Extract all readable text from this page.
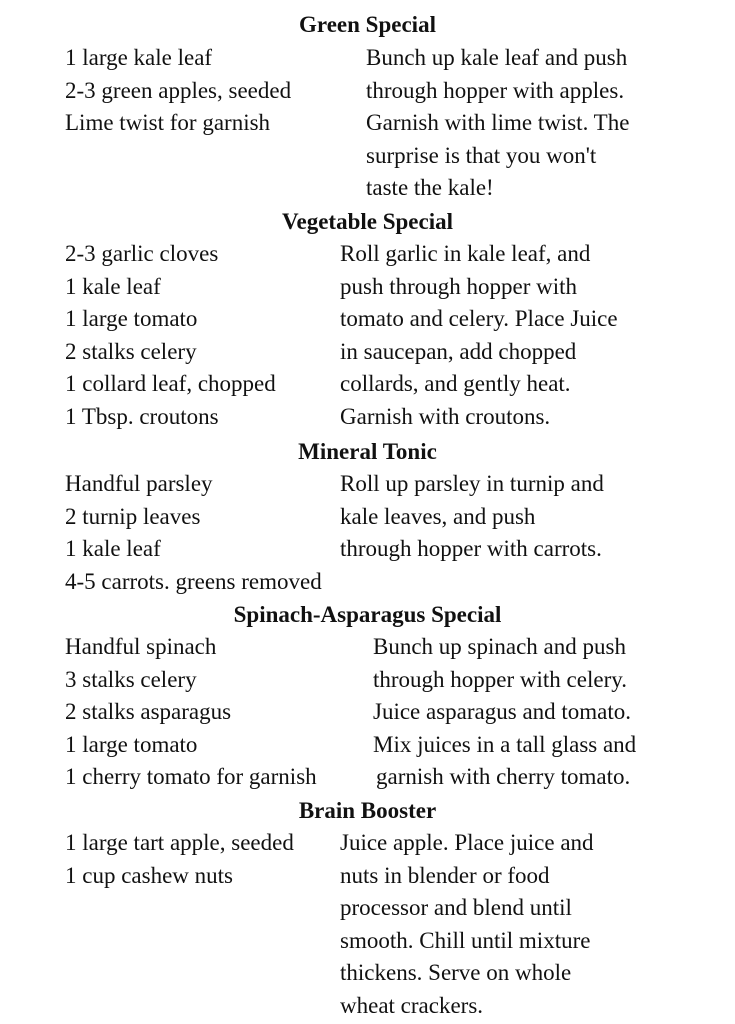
Green Special
1 large kale leaf
2-3 green apples, seeded
Lime twist for garnish
Bunch up kale leaf and push
through hopper with apples.
Garnish with lime twist. The
surprise is that you won't
taste the kale!
Vegetable Special
2-3 garlic cloves
1 kale leaf
1 large tomato
2 stalks celery
1 collard leaf, chopped
1 Tbsp. croutons
Roll garlic in kale leaf, and
push through hopper with
tomato and celery. Place Juice
in saucepan, add chopped
collards, and gently heat.
Garnish with croutons.
Mineral Tonic
Handful parsley
2 turnip leaves
1 kale leaf
4-5 carrots. greens removed
Roll up parsley in turnip and
kale leaves, and push
through hopper with carrots.
Spinach-Asparagus Special
Handful spinach
3 stalks celery
2 stalks asparagus
1 large tomato
1 cherry tomato for garnish
Bunch up spinach and push
through hopper with celery.
Juice asparagus and tomato.
Mix juices in a tall glass and
garnish with cherry tomato.
Brain Booster
1 large tart apple, seeded
1 cup cashew nuts
Juice apple. Place juice and
nuts in blender or food
processor and blend until
smooth. Chill until mixture
thickens. Serve on whole
wheat crackers.
